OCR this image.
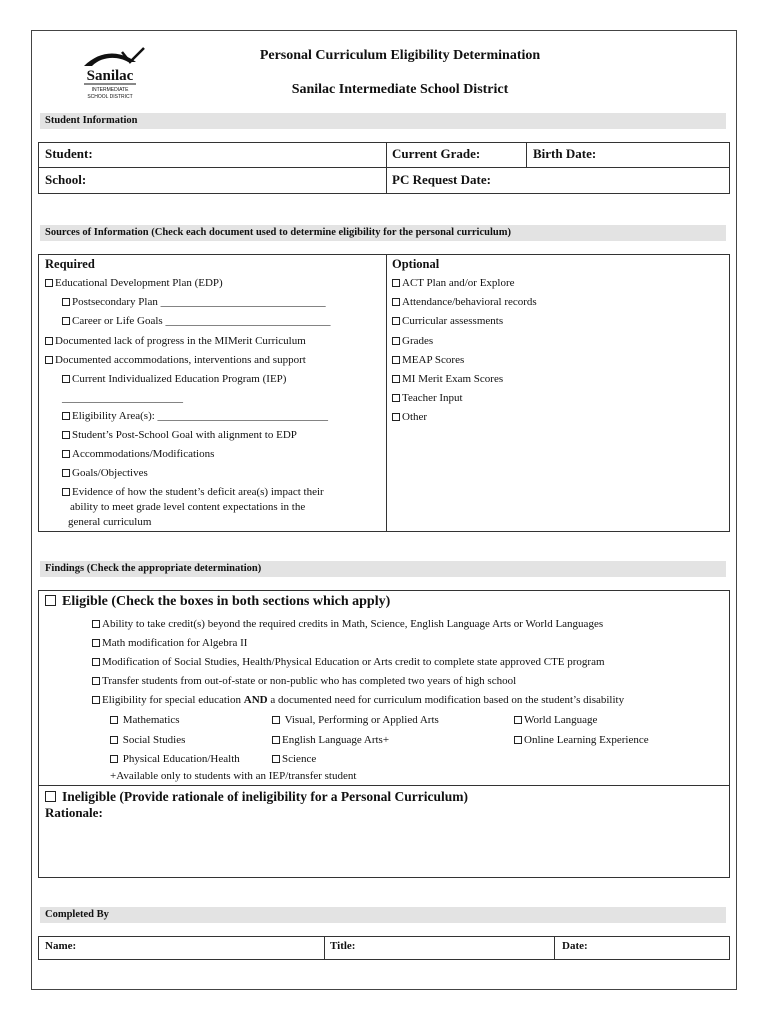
Sanilac
INTERMEDIATE
SCHOOL DISTRICT
Personal Curriculum Eligibility Determination
Sanilac Intermediate School District
Student Information
Student:	Current Grade:	Birth Date:
School:	PC Request Date:
Sources of Information (Check each document used to determine eligibility for the personal curriculum)
Required	Optional
Educational Development Plan (EDP)
Postsecondary Plan ______________________________
Career or Life Goals ______________________________
Documented lack of progress in the MIMerit Curriculum
Documented accommodations, interventions and support
Current Individualized Education Program (IEP)
______________________
Eligibility Area(s): _______________________________
Student’s Post-School Goal with alignment to EDP
Accommodations/Modifications
Goals/Objectives
Evidence of how the student’s deficit area(s) impact their
ability to meet grade level content expectations in the
general curriculum
ACT Plan and/or Explore
Attendance/behavioral records
Curricular assessments
Grades
MEAP Scores
MI Merit Exam Scores
Teacher Input
Other
Findings (Check the appropriate determination)
Eligible (Check the boxes in both sections which apply)
Ability to take credit(s) beyond the required credits in Math, Science, English Language Arts or World Languages
Math modification for Algebra II
Modification of Social Studies, Health/Physical Education or Arts credit to complete state approved CTE program
Transfer students from out-of-state or non-public who has completed two years of high school
Eligibility for special education AND a documented need for curriculum modification based on the student’s disability
Mathematics	Visual, Performing or Applied Arts	World Language
Social Studies	English Language Arts+	Online Learning Experience
Physical Education/Health	Science
+Available only to students with an IEP/transfer student
Ineligible (Provide rationale of ineligibility for a Personal Curriculum)
Rationale:
Completed By
Name:	Title:	Date:
